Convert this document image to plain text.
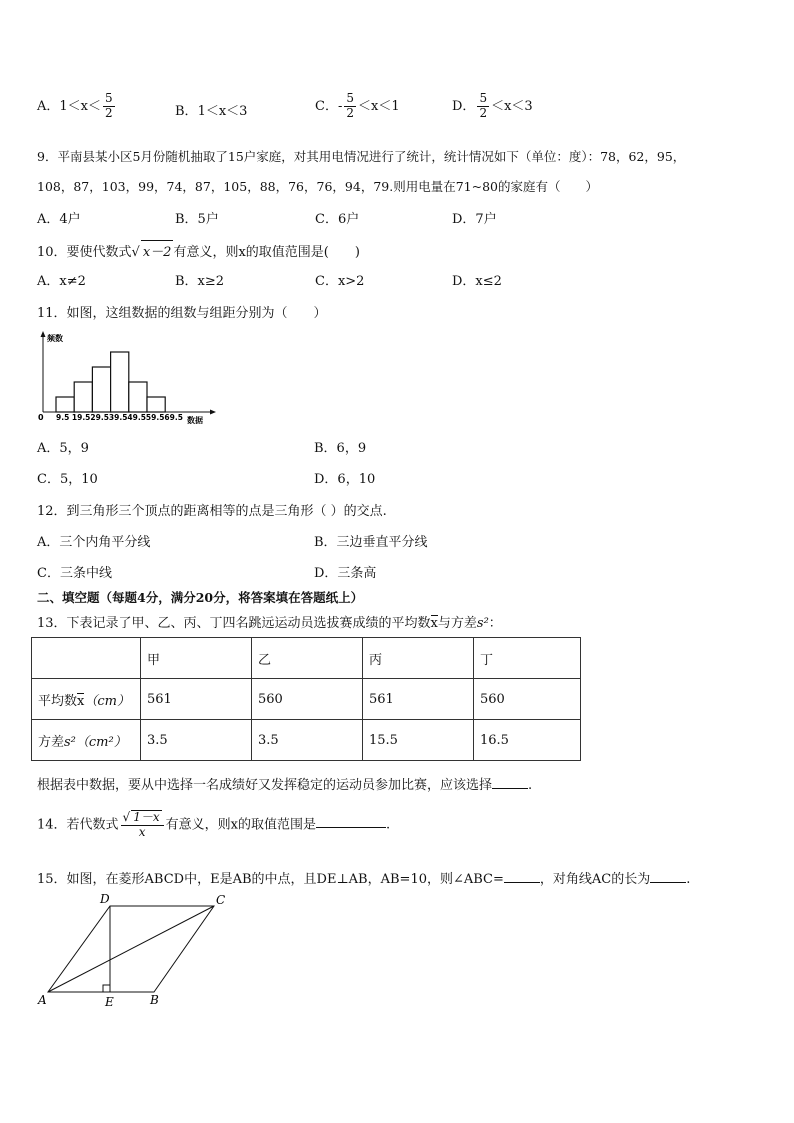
A．$1<x< \frac{5}{2}$	B．1＜x＜3	C．- $\frac{5}{2} <x<1$	D． $\frac{5}{2} <x<3$
9．平南县某小区5月份随机抽取了15户家庭，对其用电情况进行了统计，统计情况如下（单位：度）：78，62，95，
108，87，103，99，74，87，105，88，76，76，94，79.则用电量在71~80的家庭有（　　）
A．4户	B．5户	C．6户	D．7户
10．要使代数式√ x－2 有意义，则x的取值范围是(　　)
A．x≠2	B．x≥2	C．x>2	D．x≤2
11．如图，这组数据的组数与组距分别为（　　）
频数
0 9.5 19.529.539.549.559.569.5 数据
A．5，9	B．6，9
C．5，10	D．6，10
12．到三角形三个顶点的距离相等的点是三角形（ ）的交点.
A．三个内角平分线	B．三边垂直平分线
C．三条中线	D．三条高
二、填空题（每题4分，满分20分，将答案填在答题纸上）
13．下表记录了甲、乙、丙、丁四名跳远运动员选拔赛成绩的平均数x与方差s²：
	甲	乙	丙	丁
平均数x（cm）	561	560	561	560
方差s²（cm²）	3.5	3.5	15.5	16.5
根据表中数据，要从中选择一名成绩好又发挥稳定的运动员参加比赛，应该选择	.
14．若代数式 $\frac{√ 1-x}{x}$ 有意义，则x的取值范围是	.
15．如图，在菱形ABCD中，E是AB的中点，且DE⊥AB，AB=10，则∠ABC=	，对角线AC的长为	.
D	C
A	E	B
